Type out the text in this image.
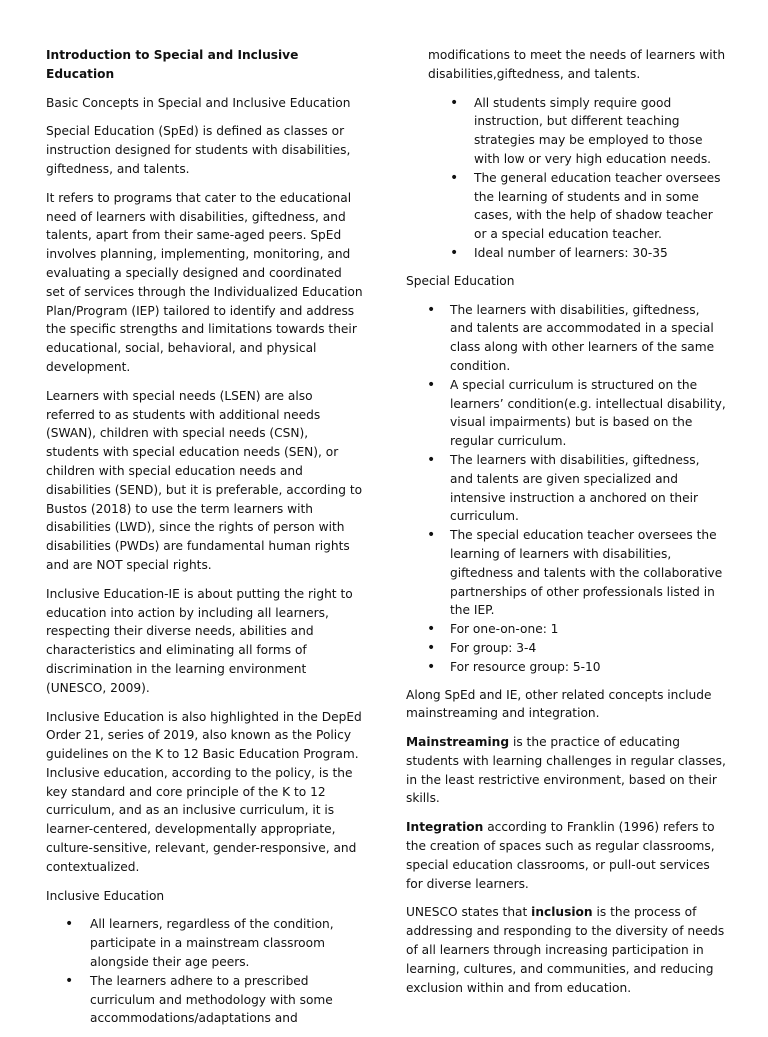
Introduction to Special and Inclusive Education

Basic Concepts in Special and Inclusive Education

Special Education (SpEd) is defined as classes or instruction designed for students with disabilities, giftedness, and talents.

It refers to programs that cater to the educational need of learners with disabilities, giftedness, and talents, apart from their same-aged peers. SpEd involves planning, implementing, monitoring, and evaluating a specially designed and coordinated set of services through the Individualized Education Plan/Program (IEP) tailored to identify and address the specific strengths and limitations towards their educational, social, behavioral, and physical development.

Learners with special needs (LSEN) are also referred to as students with additional needs (SWAN), children with special needs (CSN), students with special education needs (SEN), or children with special education needs and disabilities (SEND), but it is preferable, according to Bustos (2018) to use the term learners with disabilities (LWD), since the rights of person with disabilities (PWDs) are fundamental human rights and are NOT special rights.

Inclusive Education-IE is about putting the right to education into action by including all learners, respecting their diverse needs, abilities and characteristics and eliminating all forms of discrimination in the learning environment (UNESCO, 2009).

Inclusive Education is also highlighted in the DepEd Order 21, series of 2019, also known as the Policy guidelines on the K to 12 Basic Education Program. Inclusive education, according to the policy, is the key standard and core principle of the K to 12 curriculum, and as an inclusive curriculum, it is learner-centered, developmentally appropriate, culture-sensitive, relevant, gender-responsive, and contextualized.

Inclusive Education

• All learners, regardless of the condition, participate in a mainstream classroom alongside their age peers.
• The learners adhere to a prescribed curriculum and methodology with some accommodations/adaptations and

modifications to meet the needs of learners with disabilities,giftedness, and talents.

• All students simply require good instruction, but different teaching strategies may be employed to those with low or very high education needs.
• The general education teacher oversees the learning of students and in some cases, with the help of shadow teacher or a special education teacher.
• Ideal number of learners: 30-35

Special Education

• The learners with disabilities, giftedness, and talents are accommodated in a special class along with other learners of the same condition.
• A special curriculum is structured on the learners’ condition(e.g. intellectual disability, visual impairments) but is based on the regular curriculum.
• The learners with disabilities, giftedness, and talents are given specialized and intensive instruction a anchored on their curriculum.
• The special education teacher oversees the learning of learners with disabilities, giftedness and talents with the collaborative partnerships of other professionals listed in the IEP.
• For one-on-one: 1
• For group: 3-4
• For resource group: 5-10

Along SpEd and IE, other related concepts include mainstreaming and integration.

Mainstreaming is the practice of educating students with learning challenges in regular classes, in the least restrictive environment, based on their skills.

Integration according to Franklin (1996) refers to the creation of spaces such as regular classrooms, special education classrooms, or pull-out services for diverse learners.

UNESCO states that inclusion is the process of addressing and responding to the diversity of needs of all learners through increasing participation in learning, cultures, and communities, and reducing exclusion within and from education.
